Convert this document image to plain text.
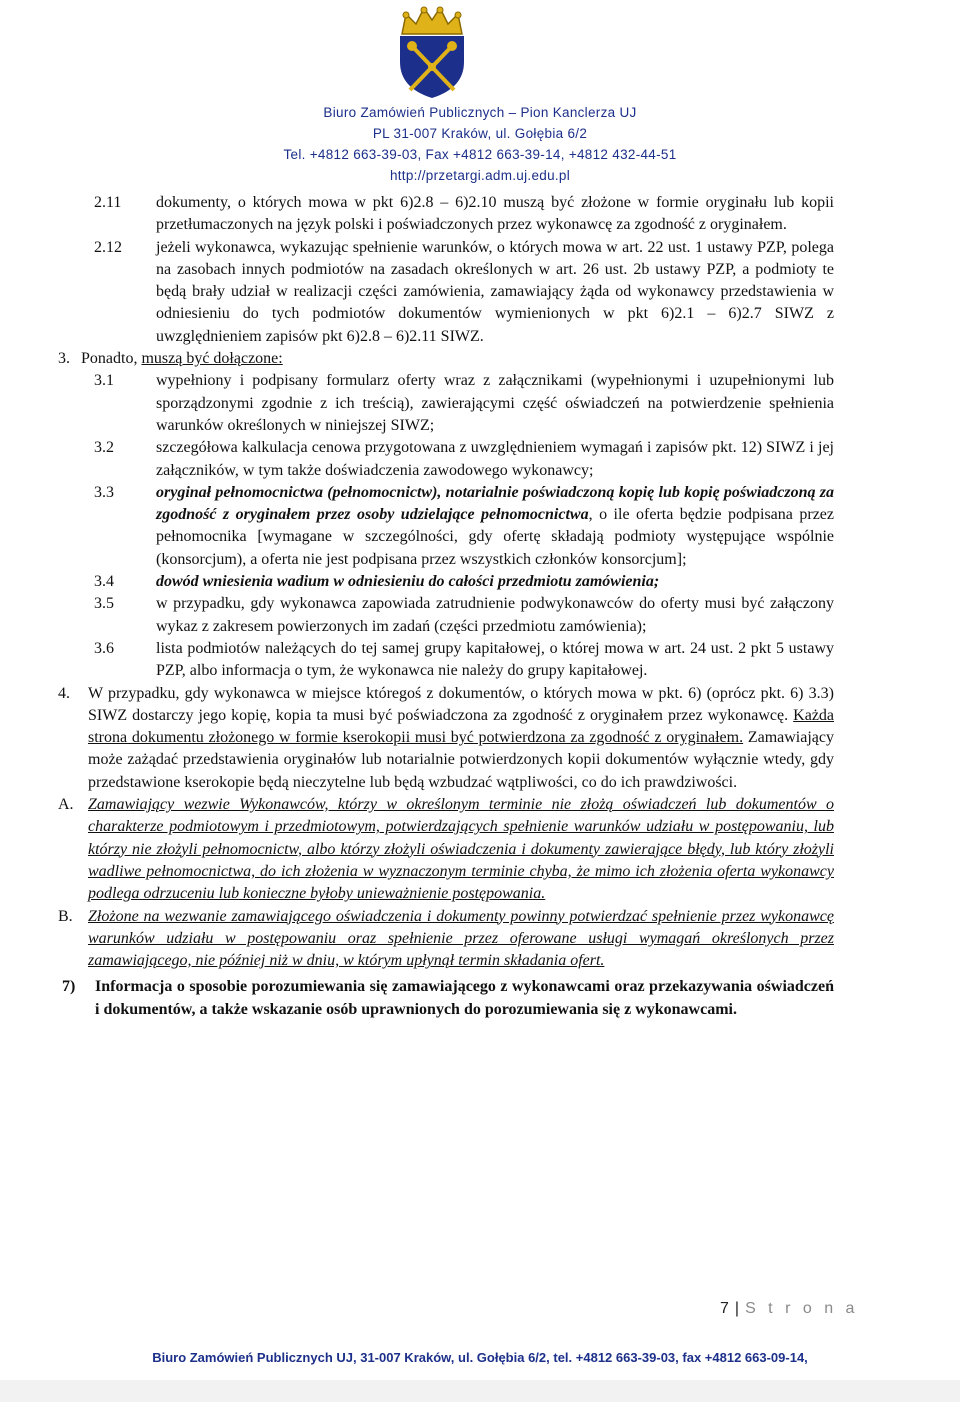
Biuro Zamówień Publicznych – Pion Kanclerza UJ
PL 31-007 Kraków, ul. Gołębia 6/2
Tel. +4812 663-39-03, Fax +4812 663-39-14, +4812 432-44-51
http://przetargi.adm.uj.edu.pl
2.11 dokumenty, o których mowa w pkt 6)2.8 – 6)2.10 muszą być złożone w formie oryginału lub kopii przetłumaczonych na język polski i poświadczonych przez wykonawcę za zgodność z oryginałem.
2.12 jeżeli wykonawca, wykazując spełnienie warunków, o których mowa w art. 22 ust. 1 ustawy PZP, polega na zasobach innych podmiotów na zasadach określonych w art. 26 ust. 2b ustawy PZP, a podmioty te będą brały udział w realizacji części zamówienia, zamawiający żąda od wykonawcy przedstawienia w odniesieniu do tych podmiotów dokumentów wymienionych w pkt 6)2.1 – 6)2.7 SIWZ z uwzględnieniem zapisów pkt 6)2.8 – 6)2.11 SIWZ.
3. Ponadto, muszą być dołączone:
3.1	wypełniony i podpisany formularz oferty wraz z załącznikami (wypełnionymi i uzupełnionymi lub sporządzonymi zgodnie z ich treścią), zawierającymi część oświadczeń na potwierdzenie spełnienia warunków określonych w niniejszej SIWZ;
3.2	szczegółowa kalkulacja cenowa przygotowana z uwzględnieniem wymagań i zapisów pkt. 12) SIWZ i jej załączników, w tym także doświadczenia zawodowego wykonawcy;
3.3	oryginał pełnomocnictwa (pełnomocnictw), notarialnie poświadczoną kopię lub kopię poświadczoną za zgodność z oryginałem przez osoby udzielające pełnomocnictwa, o ile oferta będzie podpisana przez pełnomocnika [wymagane w szczególności, gdy ofertę składają podmioty występujące wspólnie (konsorcjum), a oferta nie jest podpisana przez wszystkich członków konsorcjum];
3.4	dowód wniesienia wadium w odniesieniu do całości przedmiotu zamówienia;
3.5	w przypadku, gdy wykonawca zapowiada zatrudnienie podwykonawców do oferty musi być załączony wykaz z zakresem powierzonych im zadań (części przedmiotu zamówienia);
3.6	lista podmiotów należących do tej samej grupy kapitałowej, o której mowa w art. 24 ust. 2 pkt 5 ustawy PZP, albo informacja o tym, że wykonawca nie należy do grupy kapitałowej.
4. W przypadku, gdy wykonawca w miejsce któregoś z dokumentów, o których mowa w pkt. 6) (oprócz pkt. 6) 3.3) SIWZ dostarczy jego kopię, kopia ta musi być poświadczona za zgodność z oryginałem przez wykonawcę. Każda strona dokumentu złożonego w formie kserokopii musi być potwierdzona za zgodność z oryginałem. Zamawiający może zażądać przedstawienia oryginałów lub notarialnie potwierdzonych kopii dokumentów wyłącznie wtedy, gdy przedstawione kserokopie będą nieczytelne lub będą wzbudzać wątpliwości, co do ich prawdziwości.
A. Zamawiający wezwie Wykonawców, którzy w określonym terminie nie złożą oświadczeń lub dokumentów o charakterze podmiotowym i przedmiotowym, potwierdzających spełnienie warunków udziału w postępowaniu, lub którzy nie złożyli pełnomocnictw, albo którzy złożyli oświadczenia i dokumenty zawierające błędy, lub który złożyli wadliwe pełnomocnictwa, do ich złożenia w wyznaczonym terminie chyba, że mimo ich złożenia oferta wykonawcy podlega odrzuceniu lub konieczne byłoby unieważnienie postępowania.
B. Złożone na wezwanie zamawiającego oświadczenia i dokumenty powinny potwierdzać spełnienie przez wykonawcę warunków udziału w postępowaniu oraz spełnienie przez oferowane usługi wymagań określonych przez zamawiającego, nie później niż w dniu, w którym upłynął termin składania ofert.
7) Informacja o sposobie porozumiewania się zamawiającego z wykonawcami oraz przekazywania oświadczeń i dokumentów, a także wskazanie osób uprawnionych do porozumiewania się z wykonawcami.
7 | S t r o n a
Biuro Zamówień Publicznych UJ, 31-007 Kraków, ul. Gołębia 6/2, tel. +4812 663-39-03, fax +4812 663-09-14,
